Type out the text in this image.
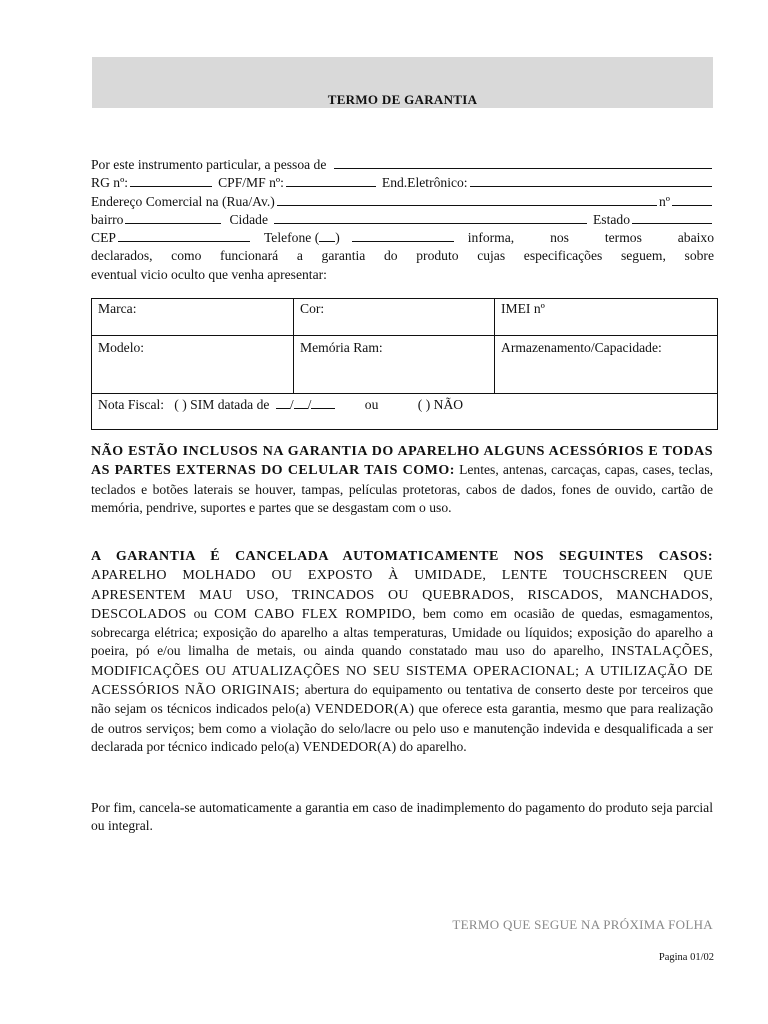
TERMO DE GARANTIA
Por este instrumento particular, a pessoa de
RG nº:	CPF/MF nº:	End.Eletrônico:
Endereço Comercial na (Rua/Av.)	nº
bairro	Cidade	Estado
CEP	Telefone ( )	informa, nos termos abaixo
declarados, como funcionará a garantia do produto cujas especificações seguem, sobre
eventual vicio oculto que venha apresentar:
Marca:	Cor:	IMEI nº
Modelo:	Memória Ram:	Armazenamento/Capacidade:
Nota Fiscal: ( ) SIM datada de / / ou ( ) NÃO		
NÃO ESTÃO INCLUSOS NA GARANTIA DO APARELHO ALGUNS ACESSÓRIOS E TODAS AS PARTES EXTERNAS DO CELULAR TAIS COMO: Lentes, antenas, carcaças, capas, cases, teclas, teclados e botões laterais se houver, tampas, películas protetoras, cabos de dados, fones de ouvido, cartão de memória, pendrive, suportes e partes que se desgastam com o uso.
A GARANTIA É CANCELADA AUTOMATICAMENTE NOS SEGUINTES CASOS: APARELHO MOLHADO OU EXPOSTO À UMIDADE, LENTE TOUCHSCREEN QUE APRESENTEM MAU USO, TRINCADOS OU QUEBRADOS, RISCADOS, MANCHADOS, DESCOLADOS ou COM CABO FLEX ROMPIDO, bem como em ocasião de quedas, esmagamentos, sobrecarga elétrica; exposição do aparelho a altas temperaturas, Umidade ou líquidos; exposição do aparelho a poeira, pó e/ou limalha de metais, ou ainda quando constatado mau uso do aparelho, INSTALAÇÕES, MODIFICAÇÕES OU ATUALIZAÇÕES NO SEU SISTEMA OPERACIONAL; A UTILIZAÇÃO DE ACESSÓRIOS NÃO ORIGINAIS; abertura do equipamento ou tentativa de conserto deste por terceiros que não sejam os técnicos indicados pelo(a) VENDEDOR(A) que oferece esta garantia, mesmo que para realização de outros serviços; bem como a violação do selo/lacre ou pelo uso e manutenção indevida e desqualificada a ser declarada por técnico indicado pelo(a) VENDEDOR(A) do aparelho.
Por fim, cancela-se automaticamente a garantia em caso de inadimplemento do pagamento do produto seja parcial ou integral.
TERMO QUE SEGUE NA PRÓXIMA FOLHA
Pagina 01/02
